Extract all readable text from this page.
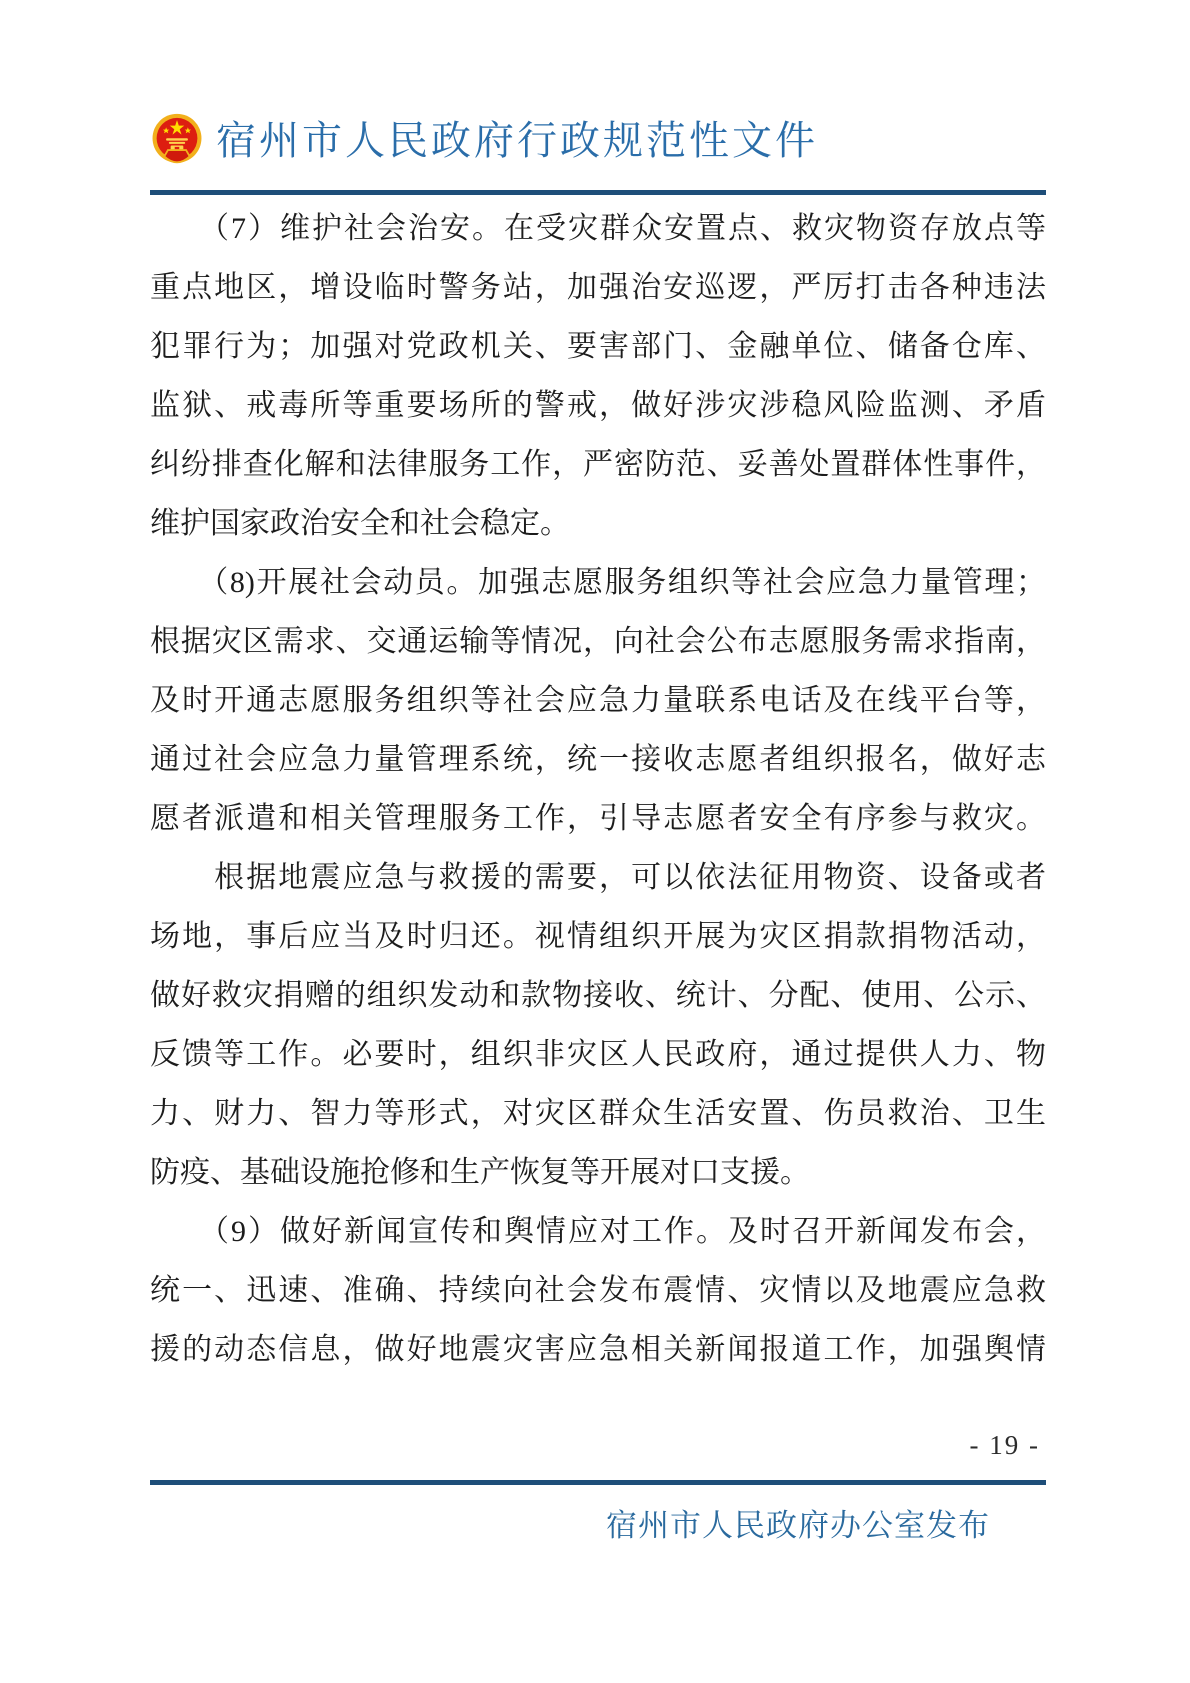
宿州市人民政府行政规范性文件
　　（7）维护社会治安。在受灾群众安置点、救灾物资存放点等
重点地区，增设临时警务站，加强治安巡逻，严厉打击各种违法
犯罪行为；加强对党政机关、要害部门、金融单位、储备仓库、
监狱、戒毒所等重要场所的警戒，做好涉灾涉稳风险监测、矛盾
纠纷排查化解和法律服务工作，严密防范、妥善处置群体性事件，
维护国家政治安全和社会稳定。
　　（8)开展社会动员。加强志愿服务组织等社会应急力量管理；
根据灾区需求、交通运输等情况，向社会公布志愿服务需求指南，
及时开通志愿服务组织等社会应急力量联系电话及在线平台等，
通过社会应急力量管理系统，统一接收志愿者组织报名，做好志
愿者派遣和相关管理服务工作，引导志愿者安全有序参与救灾。
　　根据地震应急与救援的需要，可以依法征用物资、设备或者
场地，事后应当及时归还。视情组织开展为灾区捐款捐物活动，
做好救灾捐赠的组织发动和款物接收、统计、分配、使用、公示、
反馈等工作。必要时，组织非灾区人民政府，通过提供人力、物
力、财力、智力等形式，对灾区群众生活安置、伤员救治、卫生
防疫、基础设施抢修和生产恢复等开展对口支援。
　　（9）做好新闻宣传和舆情应对工作。及时召开新闻发布会，
统一、迅速、准确、持续向社会发布震情、灾情以及地震应急救
援的动态信息，做好地震灾害应急相关新闻报道工作，加强舆情
- 19 -
宿州市人民政府办公室发布
